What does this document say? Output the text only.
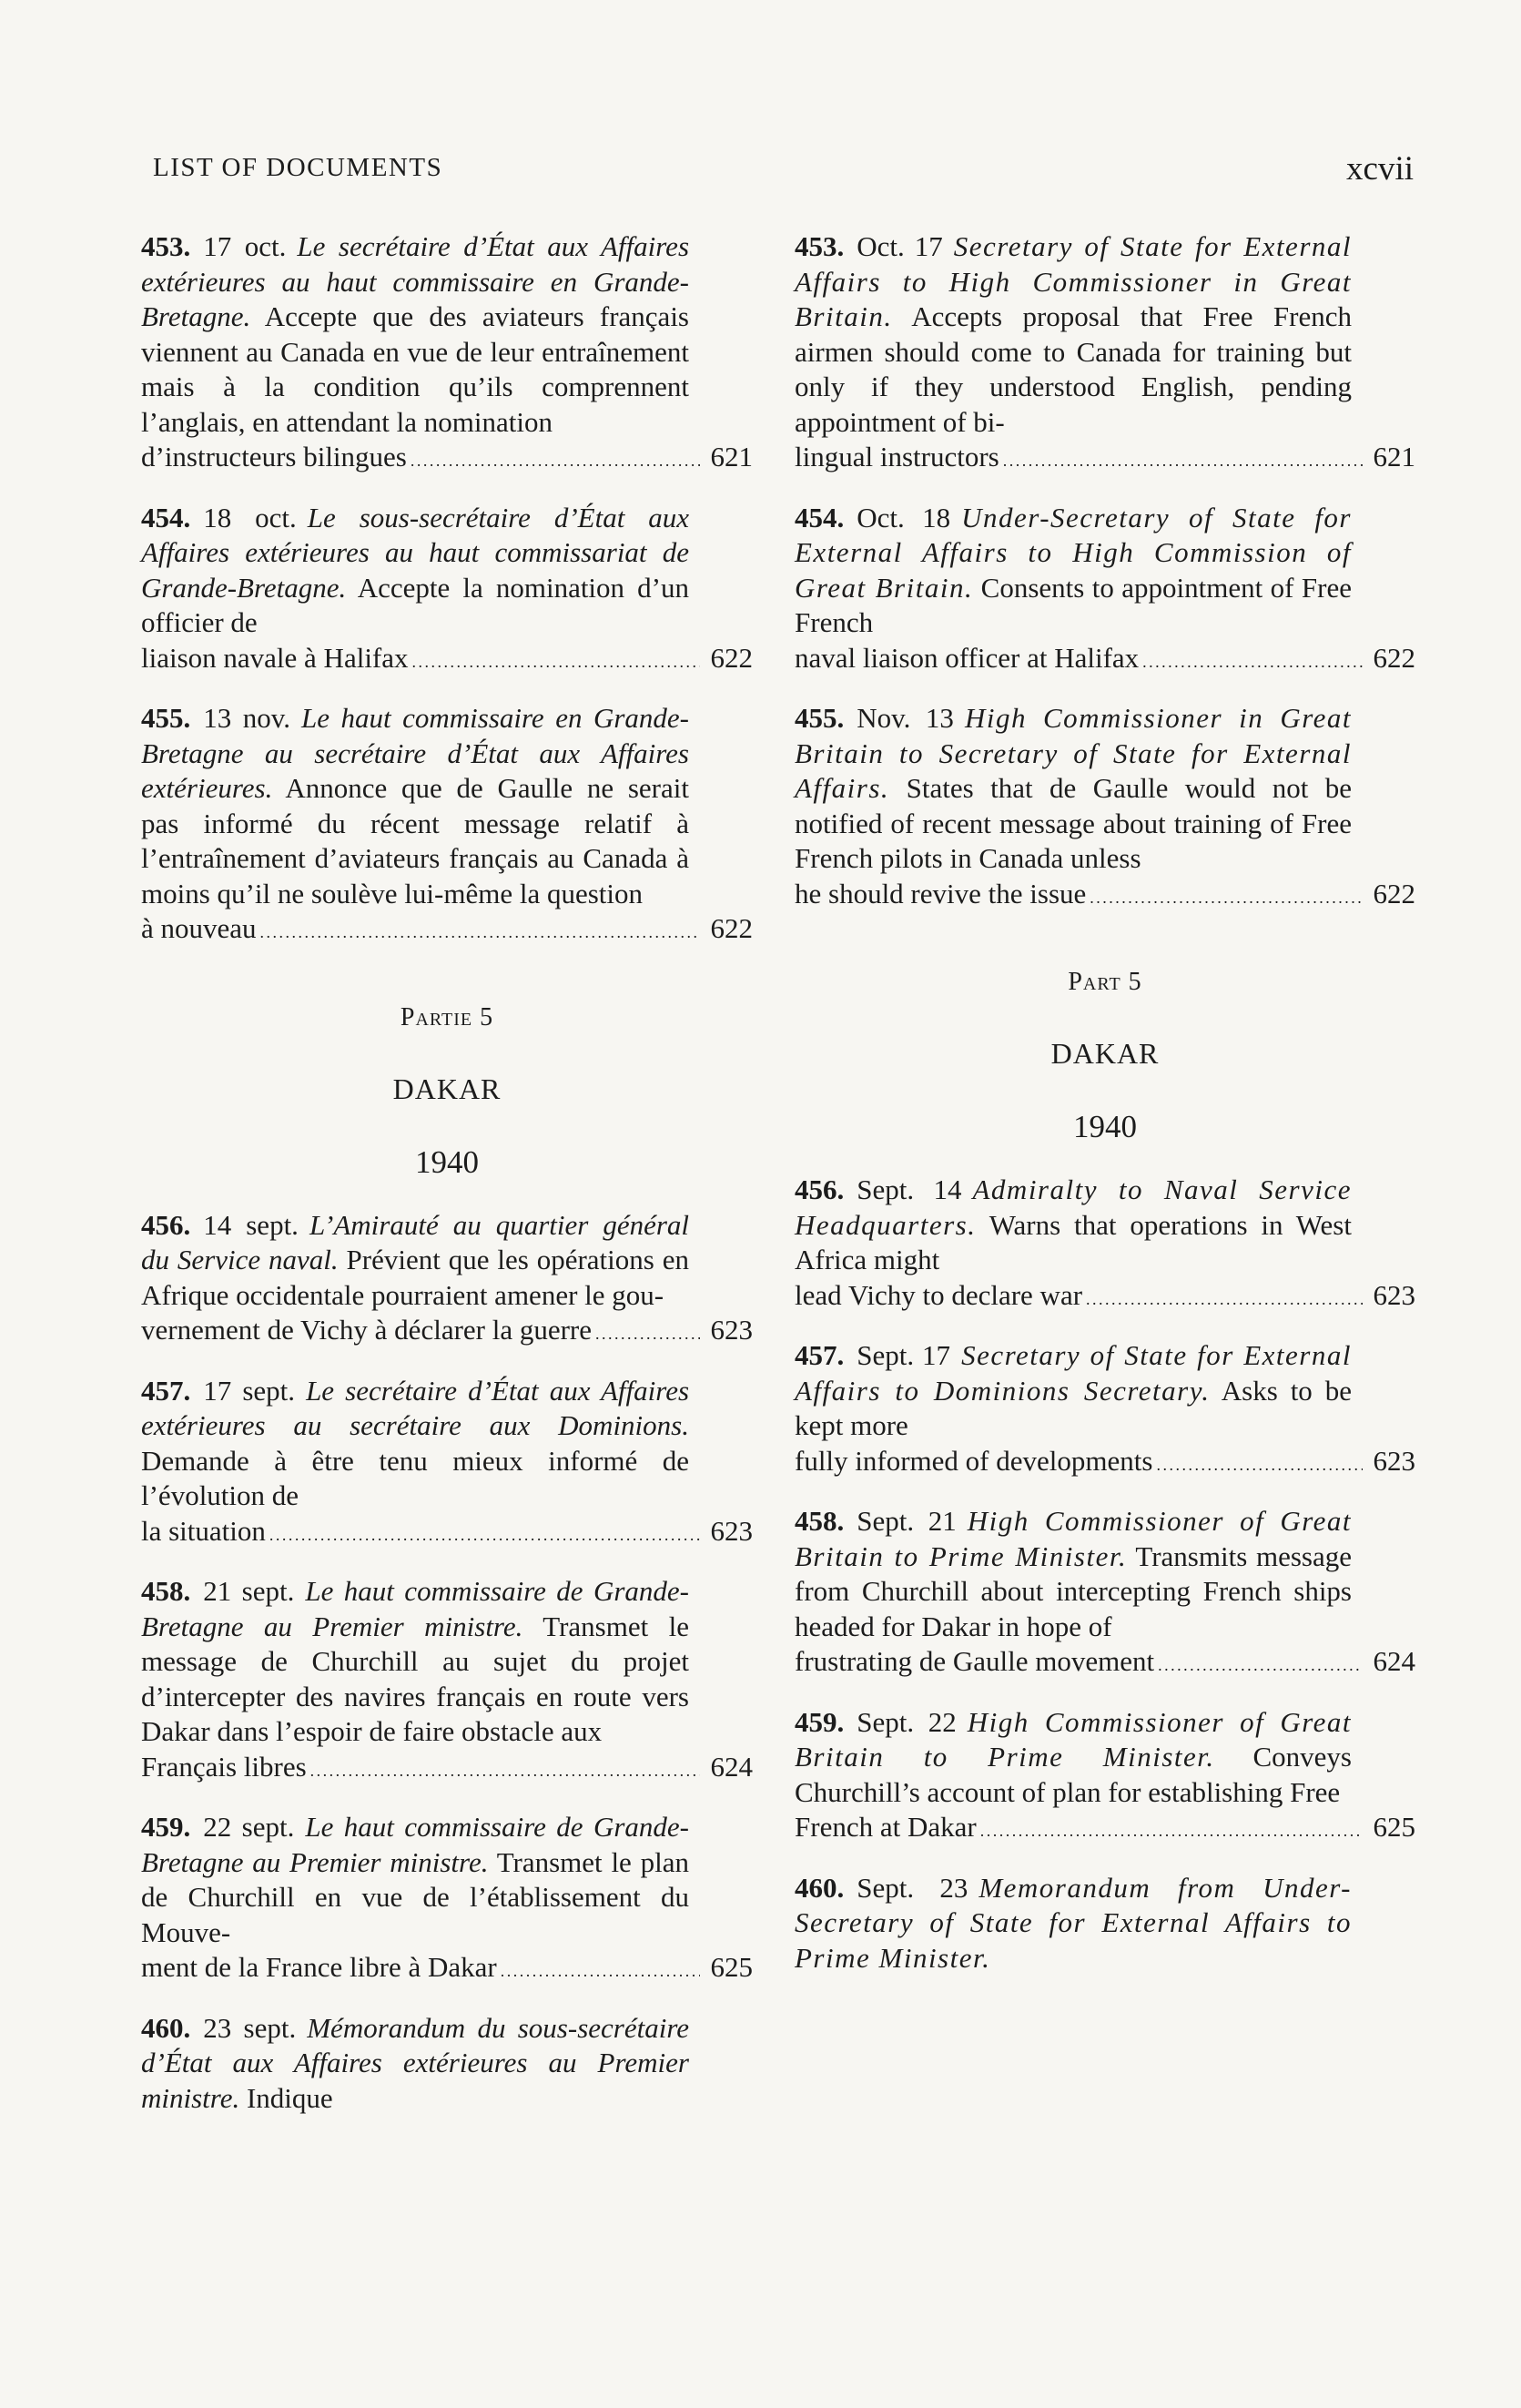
LIST OF DOCUMENTS	xcvii
453. 17 oct. Le secrétaire d’État aux Affaires extérieures au haut commissaire en Grande-Bretagne. Accepte que des aviateurs français viennent au Canada en vue de leur entraînement mais à la condition qu’ils comprennent l’anglais, en attendant la nomination
d’instructeurs bilingues . . .	621
454. 18 oct. Le sous-secrétaire d’État aux Affaires extérieures au haut commissariat de Grande-Bretagne. Accepte la nomination d’un officier de
liaison navale à Halifax . . .	622
455. 13 nov. Le haut commissaire en Grande-Bretagne au secrétaire d’État aux Affaires extérieures. Annonce que de Gaulle ne serait pas informé du récent message relatif à l’entraînement d’aviateurs français au Canada à moins qu’il ne soulève lui-même la question
à nouveau . . .	622
Partie 5
DAKAR
1940
456. 14 sept. L’Amirauté au quartier général du Service naval. Prévient que les opérations en Afrique occidentale pourraient amener le gou-
vernement de Vichy à déclarer la guerre . . .	623
457. 17 sept. Le secrétaire d’État aux Affaires extérieures au secrétaire aux Dominions. Demande à être tenu mieux informé de l’évolution de
la situation . . .	623
458. 21 sept. Le haut commissaire de Grande-Bretagne au Premier ministre. Transmet le message de Churchill au sujet du projet d’intercepter des navires français en route vers Dakar dans l’espoir de faire obstacle aux
Français libres . . .	624
459. 22 sept. Le haut commissaire de Grande-Bretagne au Premier ministre. Transmet le plan de Churchill en vue de l’établissement du Mouve-
ment de la France libre à Dakar . . .	625
460. 23 sept. Mémorandum du sous-secrétaire d’État aux Affaires extérieures au Premier ministre. Indique
453. Oct. 17 Secretary of State for External Affairs to High Commissioner in Great Britain. Accepts proposal that Free French airmen should come to Canada for training but only if they understood English, pending appointment of bi-
lingual instructors . . .	621
454. Oct. 18 Under-Secretary of State for External Affairs to High Commission of Great Britain. Consents to appointment of Free French
naval liaison officer at Halifax . . .	622
455. Nov. 13 High Commissioner in Great Britain to Secretary of State for External Affairs. States that de Gaulle would not be notified of recent message about training of Free French pilots in Canada unless
he should revive the issue . . .	622
Part 5
DAKAR
1940
456. Sept. 14 Admiralty to Naval Service Headquarters. Warns that operations in West Africa might
lead Vichy to declare war . . .	623
457. Sept. 17 Secretary of State for External Affairs to Dominions Secretary. Asks to be kept more
fully informed of developments . . .	623
458. Sept. 21 High Commissioner of Great Britain to Prime Minister. Transmits message from Churchill about intercepting French ships headed for Dakar in hope of
frustrating de Gaulle movement . . .	624
459. Sept. 22 High Commissioner of Great Britain to Prime Minister. Conveys Churchill’s account of plan for establishing Free
French at Dakar . . .	625
460. Sept. 23 Memorandum from Under-Secretary of State for External Affairs to Prime Minister.
